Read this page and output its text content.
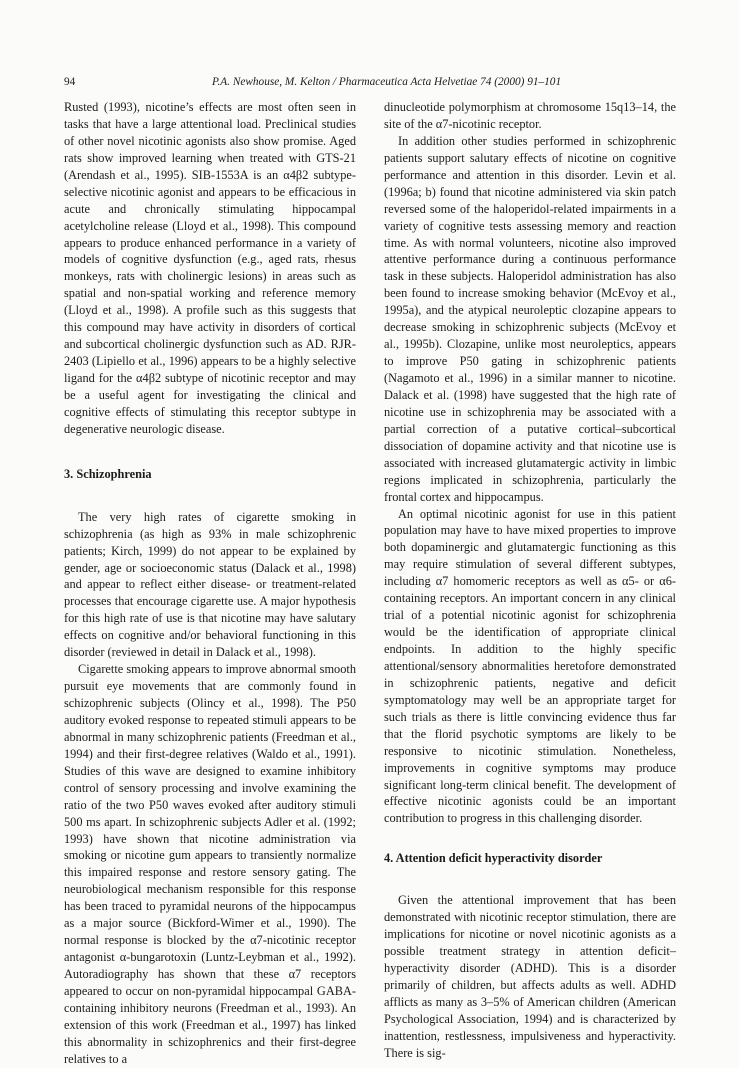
94	P.A. Newhouse, M. Kelton / Pharmaceutica Acta Helvetiae 74 (2000) 91–101

Rusted (1993), nicotine’s effects are most often seen in tasks that have a large attentional load. Preclinical studies of other novel nicotinic agonists also show promise. Aged rats show improved learning when treated with GTS-21 (Arendash et al., 1995). SIB-1553A is an α4β2 subtype-selective nicotinic agonist and appears to be efficacious in acute and chronically stimulating hippocampal acetylcholine release (Lloyd et al., 1998). This compound appears to produce enhanced performance in a variety of models of cognitive dysfunction (e.g., aged rats, rhesus monkeys, rats with cholinergic lesions) in areas such as spatial and non-spatial working and reference memory (Lloyd et al., 1998). A profile such as this suggests that this compound may have activity in disorders of cortical and subcortical cholinergic dysfunction such as AD. RJR-2403 (Lipiello et al., 1996) appears to be a highly selective ligand for the α4β2 subtype of nicotinic receptor and may be a useful agent for investigating the clinical and cognitive effects of stimulating this receptor subtype in degenerative neurologic disease.

3. Schizophrenia

The very high rates of cigarette smoking in schizophrenia (as high as 93% in male schizophrenic patients; Kirch, 1999) do not appear to be explained by gender, age or socioeconomic status (Dalack et al., 1998) and appear to reflect either disease- or treatment-related processes that encourage cigarette use. A major hypothesis for this high rate of use is that nicotine may have salutary effects on cognitive and/or behavioral functioning in this disorder (reviewed in detail in Dalack et al., 1998).

Cigarette smoking appears to improve abnormal smooth pursuit eye movements that are commonly found in schizophrenic subjects (Olincy et al., 1998). The P50 auditory evoked response to repeated stimuli appears to be abnormal in many schizophrenic patients (Freedman et al., 1994) and their first-degree relatives (Waldo et al., 1991). Studies of this wave are designed to examine inhibitory control of sensory processing and involve examining the ratio of the two P50 waves evoked after auditory stimuli 500 ms apart. In schizophrenic subjects Adler et al. (1992; 1993) have shown that nicotine administration via smoking or nicotine gum appears to transiently normalize this impaired response and restore sensory gating. The neurobiological mechanism responsible for this response has been traced to pyramidal neurons of the hippocampus as a major source (Bickford-Wimer et al., 1990). The normal response is blocked by the α7-nicotinic receptor antagonist α-bungarotoxin (Luntz-Leybman et al., 1992). Autoradiography has shown that these α7 receptors appeared to occur on non-pyramidal hippocampal GABA-containing inhibitory neurons (Freedman et al., 1993). An extension of this work (Freedman et al., 1997) has linked this abnormality in schizophrenics and their first-degree relatives to a

dinucleotide polymorphism at chromosome 15q13–14, the site of the α7-nicotinic receptor.

In addition other studies performed in schizophrenic patients support salutary effects of nicotine on cognitive performance and attention in this disorder. Levin et al. (1996a; b) found that nicotine administered via skin patch reversed some of the haloperidol-related impairments in a variety of cognitive tests assessing memory and reaction time. As with normal volunteers, nicotine also improved attentive performance during a continuous performance task in these subjects. Haloperidol administration has also been found to increase smoking behavior (McEvoy et al., 1995a), and the atypical neuroleptic clozapine appears to decrease smoking in schizophrenic subjects (McEvoy et al., 1995b). Clozapine, unlike most neuroleptics, appears to improve P50 gating in schizophrenic patients (Nagamoto et al., 1996) in a similar manner to nicotine. Dalack et al. (1998) have suggested that the high rate of nicotine use in schizophrenia may be associated with a partial correction of a putative cortical–subcortical dissociation of dopamine activity and that nicotine use is associated with increased glutamatergic activity in limbic regions implicated in schizophrenia, particularly the frontal cortex and hippocampus.

An optimal nicotinic agonist for use in this patient population may have to have mixed properties to improve both dopaminergic and glutamatergic functioning as this may require stimulation of several different subtypes, including α7 homomeric receptors as well as α5- or α6-containing receptors. An important concern in any clinical trial of a potential nicotinic agonist for schizophrenia would be the identification of appropriate clinical endpoints. In addition to the highly specific attentional/sensory abnormalities heretofore demonstrated in schizophrenic patients, negative and deficit symptomatology may well be an appropriate target for such trials as there is little convincing evidence thus far that the florid psychotic symptoms are likely to be responsive to nicotinic stimulation. Nonetheless, improvements in cognitive symptoms may produce significant long-term clinical benefit. The development of effective nicotinic agonists could be an important contribution to progress in this challenging disorder.

4. Attention deficit hyperactivity disorder

Given the attentional improvement that has been demonstrated with nicotinic receptor stimulation, there are implications for nicotine or novel nicotinic agonists as a possible treatment strategy in attention deficit–hyperactivity disorder (ADHD). This is a disorder primarily of children, but affects adults as well. ADHD afflicts as many as 3–5% of American children (American Psychological Association, 1994) and is characterized by inattention, restlessness, impulsiveness and hyperactivity. There is sig-
